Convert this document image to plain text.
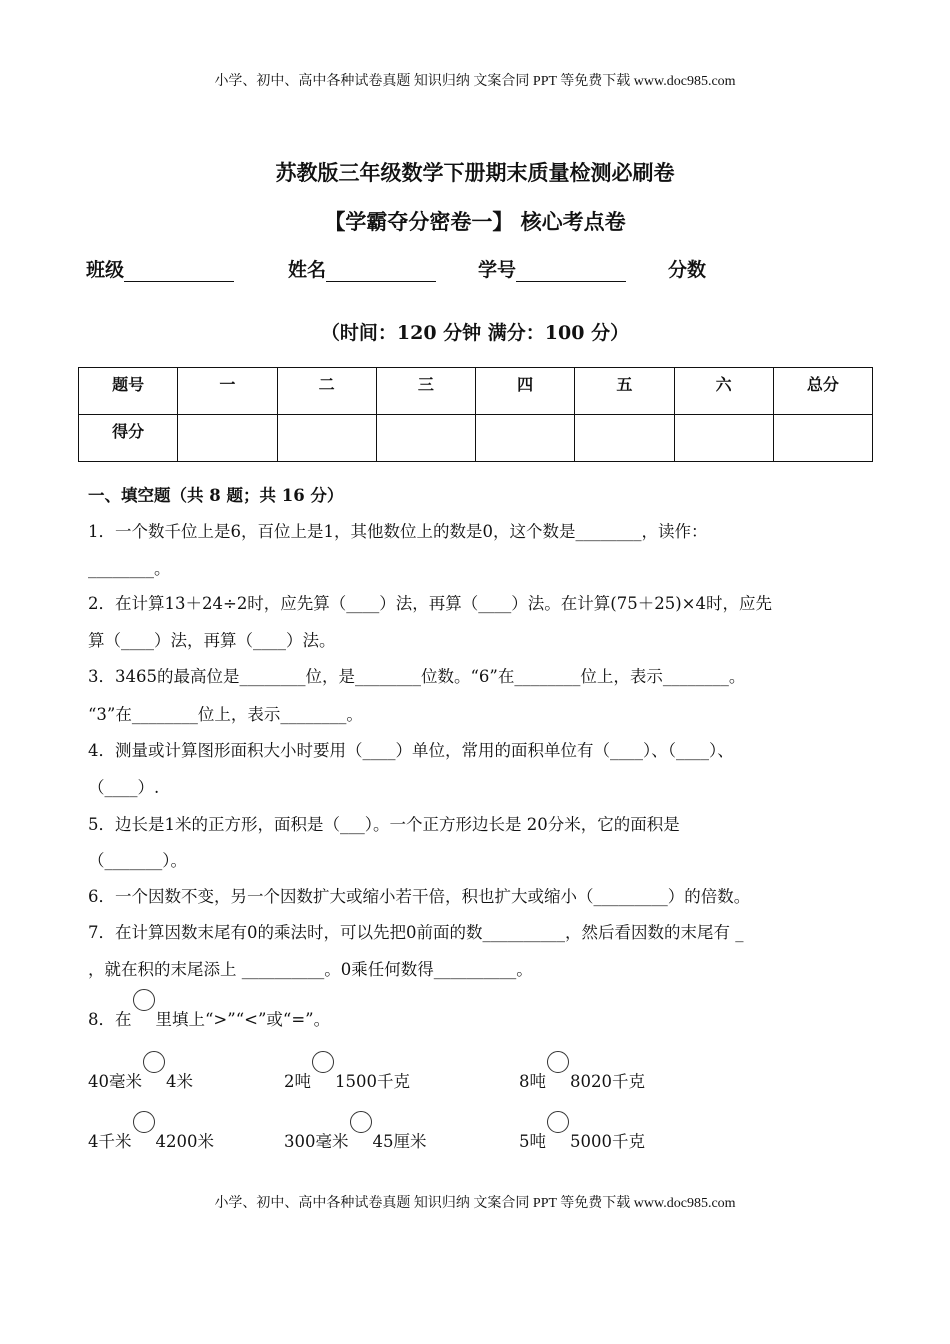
小学、初中、高中各种试卷真题 知识归纳 文案合同 PPT 等免费下载 www.doc985.com
苏教版三年级数学下册期末质量检测必刷卷
【学霸夺分密卷一】 核心考点卷
班级	姓名	学号	分数
（时间：120 分钟 满分：100 分）
题号	一	二	三	四	五	六	总分
得分							
一、填空题（共 8 题；共 16 分）
1．一个数千位上是6，百位上是1，其他数位上的数是0，这个数是________，读作：
________。
2．在计算13＋24÷2时，应先算（____）法，再算（____）法。在计算(75＋25)×4时，应先
算（____）法，再算（____）法。
3．3465的最高位是________位，是________位数。“6”在________位上，表示________。
“3”在________位上，表示________。
4．测量或计算图形面积大小时要用（____）单位，常用的面积单位有（____）、（____）、
（____）.
5．边长是1米的正方形，面积是（___）。一个正方形边长是 20分米，它的面积是
（_______）。
6．一个因数不变，另一个因数扩大或缩小若干倍，积也扩大或缩小（_________）的倍数。
7．在计算因数末尾有0的乘法时，可以先把0前面的数__________，然后看因数的末尾有 _
，就在积的末尾添上 __________。0乘任何数得__________。
8．在 里填上“>”“<”或“=”。
40毫米 4米	2吨 1500千克	8吨 8020千克
4千米 4200米	300毫米 45厘米	5吨 5000千克
小学、初中、高中各种试卷真题 知识归纳 文案合同 PPT 等免费下载 www.doc985.com
